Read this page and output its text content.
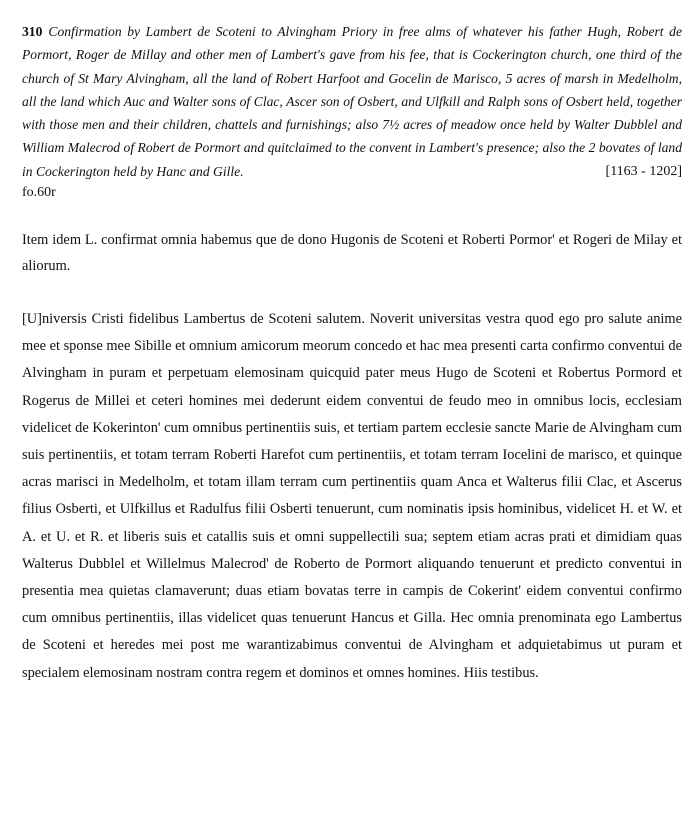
310 Confirmation by Lambert de Scoteni to Alvingham Priory in free alms of whatever his father Hugh, Robert de Pormort, Roger de Millay and other men of Lambert's gave from his fee, that is Cockerington church, one third of the church of St Mary Alvingham, all the land of Robert Harfoot and Gocelin de Marisco, 5 acres of marsh in Medelholm, all the land which Auc and Walter sons of Clac, Ascer son of Osbert, and Ulfkill and Ralph sons of Osbert held, together with those men and their children, chattels and furnishings; also 7½ acres of meadow once held by Walter Dubblel and William Malecrod of Robert de Pormort and quitclaimed to the convent in Lambert's presence; also the 2 bovates of land in Cockerington held by Hanc and Gille.	[1163 - 1202]
fo.60r

Item idem L. confirmat omnia habemus que de dono Hugonis de Scoteni et Roberti Pormor' et Rogeri de Milay et aliorum.

[U]niversis Cristi fidelibus Lambertus de Scoteni salutem. Noverit universitas vestra quod ego pro salute anime mee et sponse mee Sibille et omnium amicorum meorum concedo et hac mea presenti carta confirmo conventui de Alvingham in puram et perpetuam elemosinam quicquid pater meus Hugo de Scoteni et Robertus Pormord et Rogerus de Millei et ceteri homines mei dederunt eidem conventui de feudo meo in omnibus locis, ecclesiam videlicet de Kokerinton' cum omnibus pertinentiis suis, et tertiam partem ecclesie sancte Marie de Alvingham cum suis pertinentiis, et totam terram Roberti Harefot cum pertinentiis, et totam terram Iocelini de marisco, et quinque acras marisci in Medelholm, et totam illam terram cum pertinentiis quam Anca et Walterus filii Clac, et Ascerus filius Osberti, et Ulfkillus et Radulfus filii Osberti tenuerunt, cum nominatis ipsis hominibus, videlicet H. et W. et A. et U. et R. et liberis suis et catallis suis et omni suppellectili sua; septem etiam acras prati et dimidiam quas Walterus Dubblel et Willelmus Malecrod' de Roberto de Pormort aliquando tenuerunt et predicto conventui in presentia mea quietas clamaverunt; duas etiam bovatas terre in campis de Cokerint' eidem conventui confirmo cum omnibus pertinentiis, illas videlicet quas tenuerunt Hancus et Gilla. Hec omnia prenominata ego Lambertus de Scoteni et heredes mei post me warantizabimus conventui de Alvingham et adquietabimus ut puram et specialem elemosinam nostram contra regem et dominos et omnes homines. Hiis testibus.
